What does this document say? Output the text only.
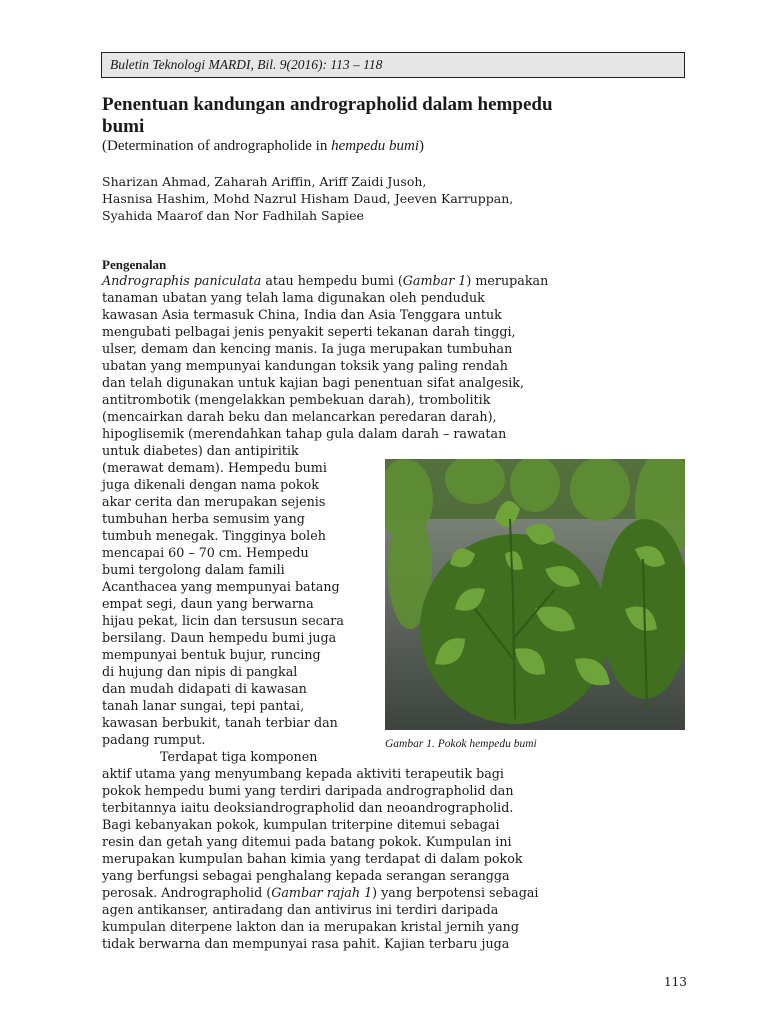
Buletin Teknologi MARDI, Bil. 9(2016): 113 – 118
Penentuan kandungan andrographolid dalam hempedu bumi
(Determination of andrographolide in hempedu bumi)
Sharizan Ahmad, Zaharah Ariffin, Ariff Zaidi Jusoh,
Hasnisa Hashim, Mohd Nazrul Hisham Daud, Jeeven Karruppan,
Syahida Maarof dan Nor Fadhilah Sapiee
Pengenalan
Andrographis paniculata atau hempedu bumi (Gambar 1) merupakan
tanaman ubatan yang telah lama digunakan oleh penduduk
kawasan Asia termasuk China, India dan Asia Tenggara untuk
mengubati pelbagai jenis penyakit seperti tekanan darah tinggi,
ulser, demam dan kencing manis. Ia juga merupakan tumbuhan
ubatan yang mempunyai kandungan toksik yang paling rendah
dan telah digunakan untuk kajian bagi penentuan sifat analgesik,
antitrombotik (mengelakkan pembekuan darah), trombolitik
(mencairkan darah beku dan melancarkan peredaran darah),
hipoglisemik (merendahkan tahap gula dalam darah – rawatan
untuk diabetes) dan antipiritik
(merawat demam). Hempedu bumi
juga dikenali dengan nama pokok
akar cerita dan merupakan sejenis
tumbuhan herba semusim yang
tumbuh menegak. Tingginya boleh
mencapai 60 – 70 cm. Hempedu
bumi tergolong dalam famili
Acanthacea yang mempunyai batang
empat segi, daun yang berwarna
hijau pekat, licin dan tersusun secara
bersilang. Daun hempedu bumi juga
mempunyai bentuk bujur, runcing
di hujung dan nipis di pangkal
dan mudah didapati di kawasan
tanah lanar sungai, tepi pantai,
kawasan berbukit, tanah terbiar dan
padang rumput.
Terdapat tiga komponen
aktif utama yang menyumbang kepada aktiviti terapeutik bagi
pokok hempedu bumi yang terdiri daripada andrographolid dan
terbitannya iaitu deoksiandrographolid dan neoandrographolid.
Bagi kebanyakan pokok, kumpulan triterpine ditemui sebagai
resin dan getah yang ditemui pada batang pokok. Kumpulan ini
merupakan kumpulan bahan kimia yang terdapat di dalam pokok
yang berfungsi sebagai penghalang kepada serangan serangga
perosak. Andrographolid (Gambar rajah 1) yang berpotensi sebagai
agen antikanser, antiradang dan antivirus ini terdiri daripada
kumpulan diterpene lakton dan ia merupakan kristal jernih yang
tidak berwarna dan mempunyai rasa pahit. Kajian terbaru juga
Gambar 1. Pokok hempedu bumi
113
